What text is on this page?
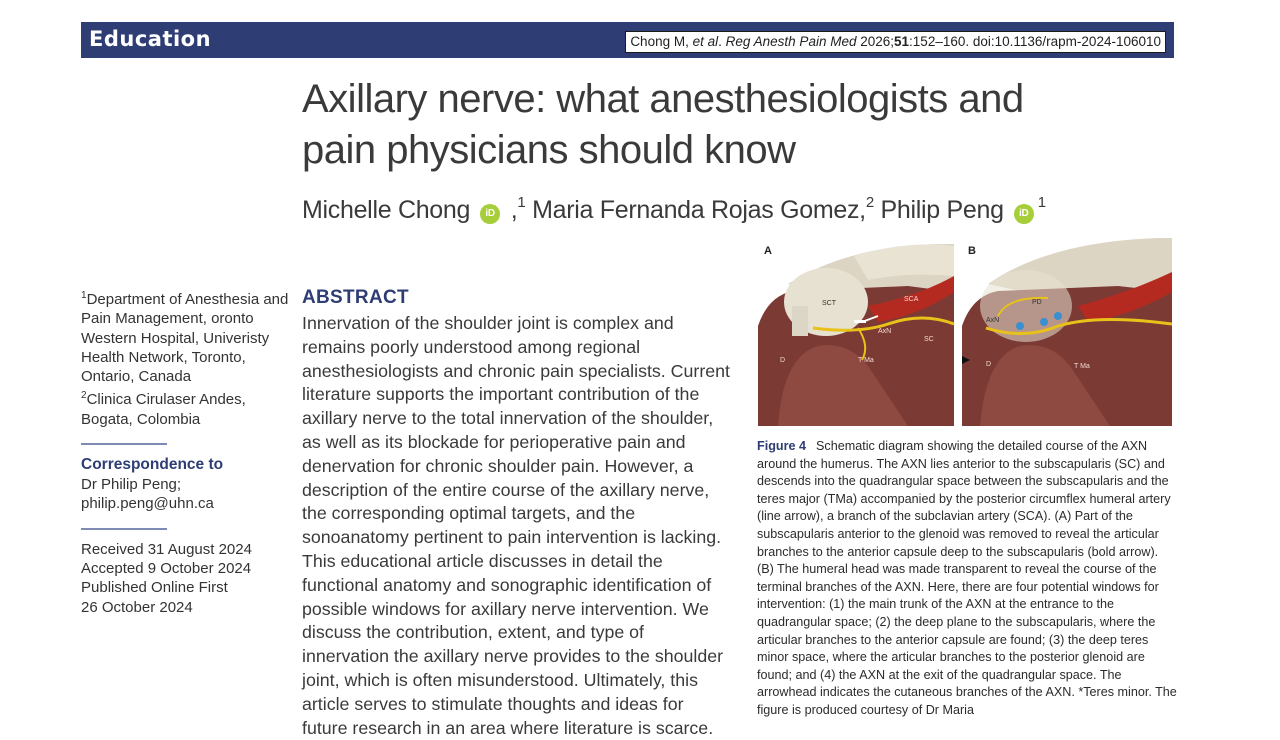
Education	Chong M, et al. Reg Anesth Pain Med 2026;51:152–160. doi:10.1136/rapm-2024-106010
Axillary nerve: what anesthesiologists and pain physicians should know
Michelle Chong iD ,$^1$ Maria Fernanda Rojas Gomez,$^2$ Philip Peng $iD^1$
$^1$Department of Anesthesia and Pain Management, oronto Western Hospital, Univeristy Health Network, Toronto, Ontario, Canada
$^2$Clinica Cirulaser Andes, Bogata, Colombia
Correspondence to
Dr Philip Peng;
philip.peng@uhn.ca
Received 31 August 2024
Accepted 9 October 2024
Published Online First
26 October 2024
ABSTRACT
Innervation of the shoulder joint is complex and remains poorly understood among regional anesthesiologists and chronic pain specialists. Current literature supports the important contribution of the axillary nerve to the total innervation of the shoulder, as well as its blockade for perioperative pain and denervation for chronic shoulder pain. However, a description of the entire course of the axillary nerve, the corresponding optimal targets, and the sonoanatomy pertinent to pain intervention is lacking. This educational article discusses in detail the functional anatomy and sonographic identification of possible windows for axillary nerve intervention. We discuss the contribution, extent, and type of innervation the axillary nerve provides to the shoulder joint, which is often misunderstood. Ultimately, this article serves to stimulate thoughts and ideas for future research in an area where literature is scarce.
A
SCT
SCA
AxN
SC
D	T Ma
B
PD
AxN
D	T Ma
Figure 4 Schematic diagram showing the detailed course of the AXN around the humerus. The AXN lies anterior to the subscapularis (SC) and descends into the quadrangular space between the subscapularis and the teres major (TMa) accompanied by the posterior circumflex humeral artery (line arrow), a branch of the subclavian artery (SCA). (A) Part of the subscapularis anterior to the glenoid was removed to reveal the articular branches to the anterior capsule deep to the subscapularis (bold arrow). (B) The humeral head was made transparent to reveal the course of the terminal branches of the AXN. Here, there are four potential windows for intervention: (1) the main trunk of the AXN at the entrance to the quadrangular space; (2) the deep plane to the subscapularis, where the articular branches to the anterior capsule are found; (3) the deep teres minor space, where the articular branches to the posterior glenoid are found; and (4) the AXN at the exit of the quadrangular space. The arrowhead indicates the cutaneous branches of the AXN. *Teres minor. The figure is produced courtesy of Dr Maria
